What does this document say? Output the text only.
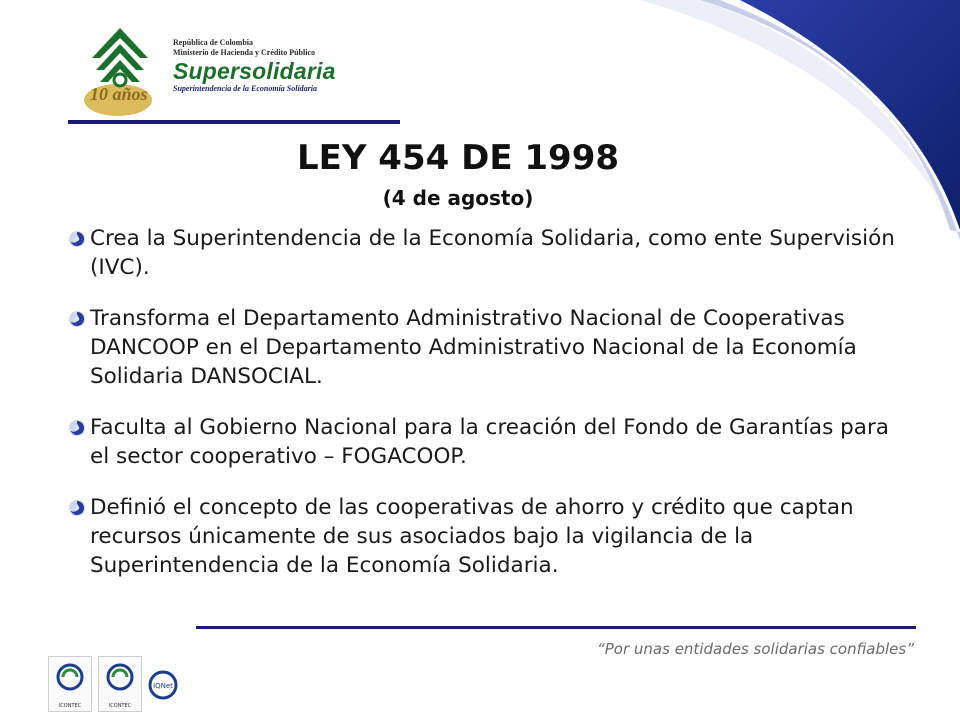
República de Colombia
Ministerio de Hacienda y Crédito Público
Supersolidaria
Superintendencia de la Economía Solidaria
10 años
LEY 454 DE 1998
(4 de agosto)
Crea la Superintendencia de la Economía Solidaria, como ente Supervisión (IVC).
Transforma el Departamento Administrativo Nacional de Cooperativas DANCOOP en el Departamento Administrativo Nacional de la Economía Solidaria DANSOCIAL.
Faculta al Gobierno Nacional para la creación del Fondo de Garantías para el sector cooperativo – FOGACOOP.
Definió el concepto de las cooperativas de ahorro y crédito que captan recursos únicamente de sus asociados bajo la vigilancia de la Superintendencia de la Economía Solidaria.
“Por unas entidades solidarias confiables”
ICONTEC	ICONTEC
IQNet
